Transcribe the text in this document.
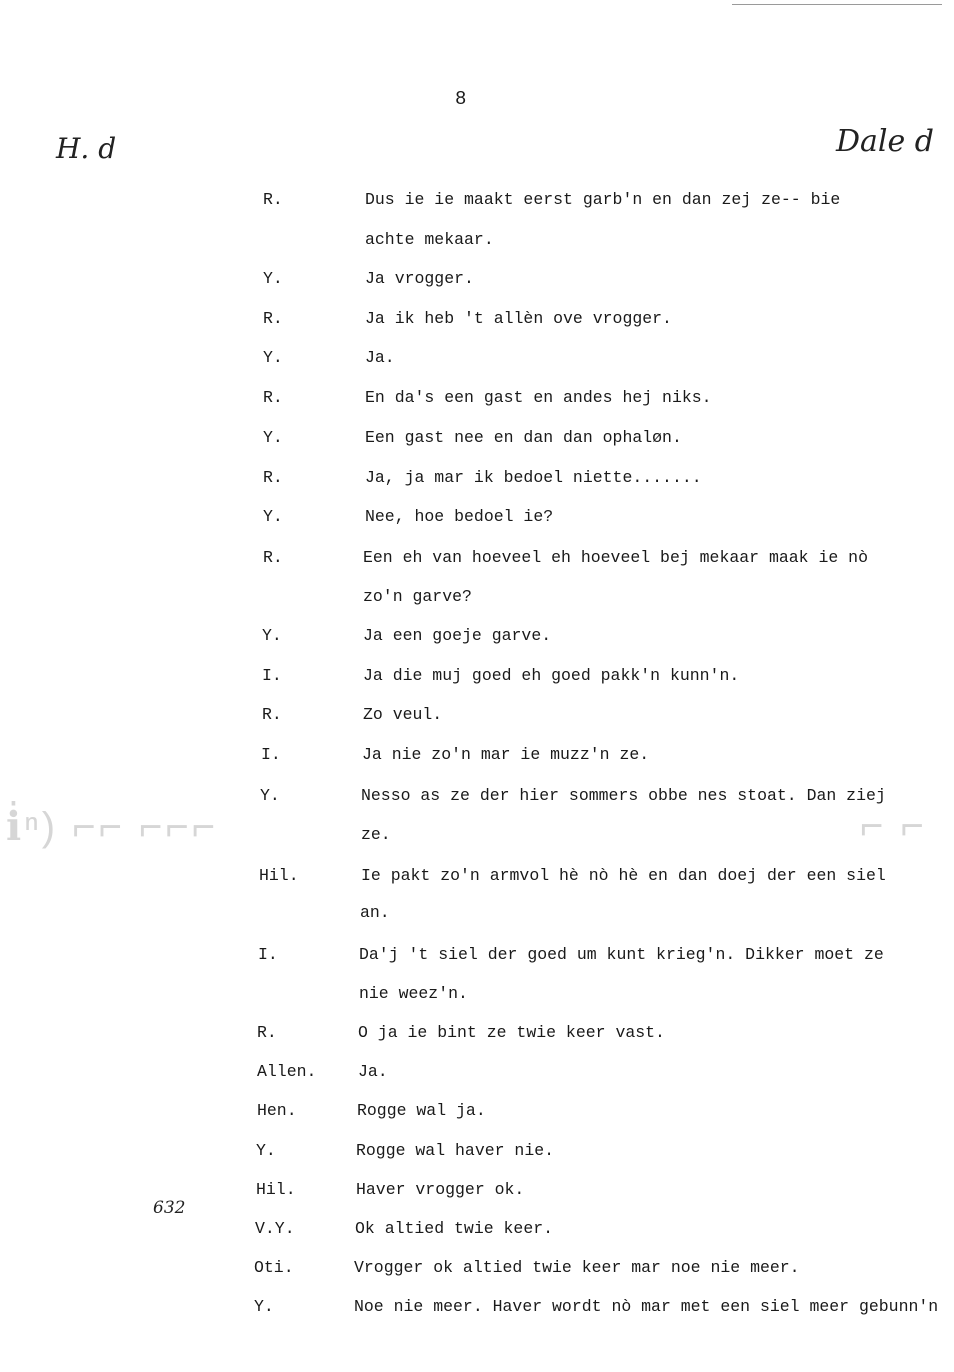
8
H. d	Dale d
632
ℹ̇ⁿ) ⌐⌐ ⌐⌐⌐	⌐ ⌐
R.	Dus ie ie maakt eerst garb'n en dan zej ze-- bie
achte mekaar.
Y.	Ja vrogger.
R.	Ja ik heb 't allèn ove vrogger.
Y.	Ja.
R.	En da's een gast en andes hej niks.
Y.	Een gast nee en dan dan ophaløn.
R.	Ja, ja mar ik bedoel niette.......
Y.	Nee, hoe bedoel ie?
R.	Een eh van hoeveel eh hoeveel bej mekaar maak ie nò
zo'n garve?
Y.	Ja een goeje garve.
I.	Ja die muj goed eh goed pakk'n kunn'n.
R.	Zo veul.
I.	Ja nie zo'n mar ie muzz'n ze.
Y.	Nesso as ze der hier sommers obbe nes stoat. Dan ziej
ze.
Hil.	Ie pakt zo'n armvol hè nò hè en dan doej der een siel
an.
I.	Da'j 't siel der goed um kunt krieg'n. Dikker moet ze
nie weez'n.
R.	O ja ie bint ze twie keer vast.
Allen.	Ja.
Hen.	Rogge wal ja.
Y.	Rogge wal haver nie.
Hil.	Haver vrogger ok.
V.Y.	Ok altied twie keer.
Oti.	Vrogger ok altied twie keer mar noe nie meer.
Y.	Noe nie meer. Haver wordt nò mar met een siel meer gebunn'n
